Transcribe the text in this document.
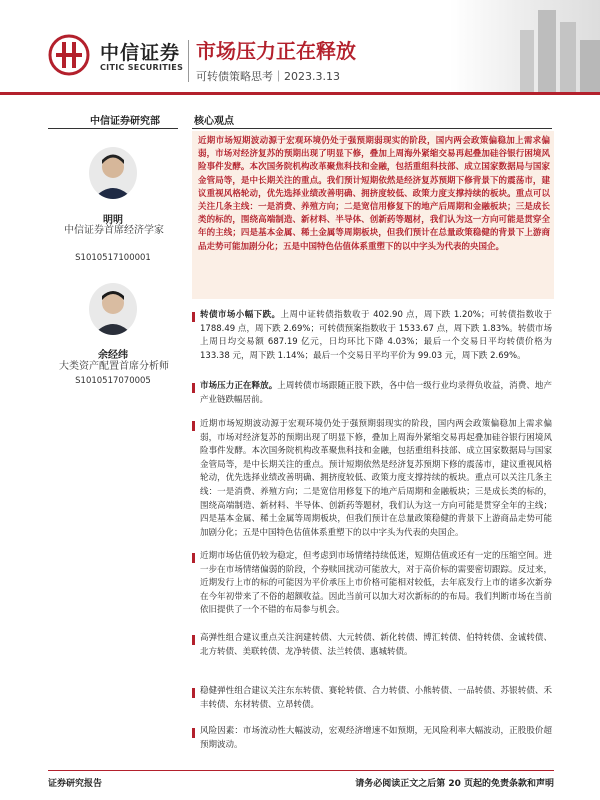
中信证券
CITIC SECURITIES
市场压力正在释放
可转债策略思考｜2023.3.13
中信证券研究部
明明
中信证券首席经济学家
S1010517100001
余经纬
大类资产配置首席分析师
S1010517070005
核心观点
近期市场短期波动源于宏观环境仍处于强预期弱现实的阶段，国内两会政策偏稳加上需求偏弱，市场对经济复苏的预期出现了明显下修，叠加上周海外紧缩交易再起叠加硅谷银行困境风险事件发酵。本次国务院机构改革聚焦科技和金融，包括重组科技部、成立国家数据局与国家金管局等，是中长期关注的重点。我们预计短期依然是经济复苏预期下修背景下的震荡市，建议重视风格轮动，优先选择业绩改善明确、拥挤度较低、政策力度支撑持续的板块。重点可以关注几条主线：一是消费、养殖方向；二是宽信用修复下的地产后周期和金融板块；三是成长类的标的，围绕高端制造、新材料、半导体、创新药等题材，我们认为这一方向可能是贯穿全年的主线；四是基本金属、稀土金属等周期板块，但我们预计在总量政策稳健的背景下上游商品走势可能加剧分化；五是中国特色估值体系重塑下的以中字头为代表的央国企。
转债市场小幅下跌。上周中证转债指数收于 402.90 点，周下跌 1.20%；可转债指数收于 1788.49 点，周下跌 2.69%；可转债预案指数收于 1533.67 点，周下跌 1.83%。转债市场上周日均交易额 687.19 亿元，日均环比下降 4.03%；最后一个交易日平均转债价格为 133.38 元，周下跌 1.14%；最后一个交易日平均平价为 99.03 元，周下跌 2.69%。
市场压力正在释放。上周转债市场跟随正股下跌，各中信一级行业均录得负收益，消费、地产产业链跌幅居前。
近期市场短期波动源于宏观环境仍处于强预期弱现实的阶段，国内两会政策偏稳加上需求偏弱，市场对经济复苏的预期出现了明显下修，叠加上周海外紧缩交易再起叠加硅谷银行困境风险事件发酵。本次国务院机构改革聚焦科技和金融，包括重组科技部、成立国家数据局与国家金管局等，是中长期关注的重点。预计短期依然是经济复苏预期下修的震荡市，建议重视风格轮动，优先选择业绩改善明确、拥挤度较低、政策力度支撑持续的板块。重点可以关注几条主线：一是消费、养殖方向；二是宽信用修复下的地产后周期和金融板块；三是成长类的标的，围绕高端制造、新材料、半导体、创新药等题材，我们认为这一方向可能是贯穿全年的主线；四是基本金属、稀土金属等周期板块，但我们预计在总量政策稳健的背景下上游商品走势可能加剧分化；五是中国特色估值体系重塑下的以中字头为代表的央国企。
近期市场估值仍较为稳定，但考虑到市场情绪持续低迷，短期估值或还有一定的压缩空间。进一步在市场情绪偏弱的阶段，个券赎回扰动可能放大，对于高价标的需要密切跟踪。反过来，近期发行上市的标的可能因为平价承压上市价格可能相对较低，去年底发行上市的诸多次新券在今年初带来了不俗的超额收益。因此当前可以加大对次新标的的布局。我们判断市场在当前依旧提供了一个不错的布局参与机会。
高弹性组合建议重点关注润建转债、大元转债、新化转债、博汇转债、伯特转债、金诚转债、北方转债、美联转债、龙净转债、法兰转债、惠城转债。
稳健弹性组合建议关注东东转债、赛轮转债、合力转债、小熊转债、一品转债、苏银转债、禾丰转债、东材转债、立昂转债。
风险因素：市场流动性大幅波动，宏观经济增速不如预期，无风险利率大幅波动，正股股价超预期波动。
证券研究报告	请务必阅读正文之后第 20 页起的免责条款和声明
